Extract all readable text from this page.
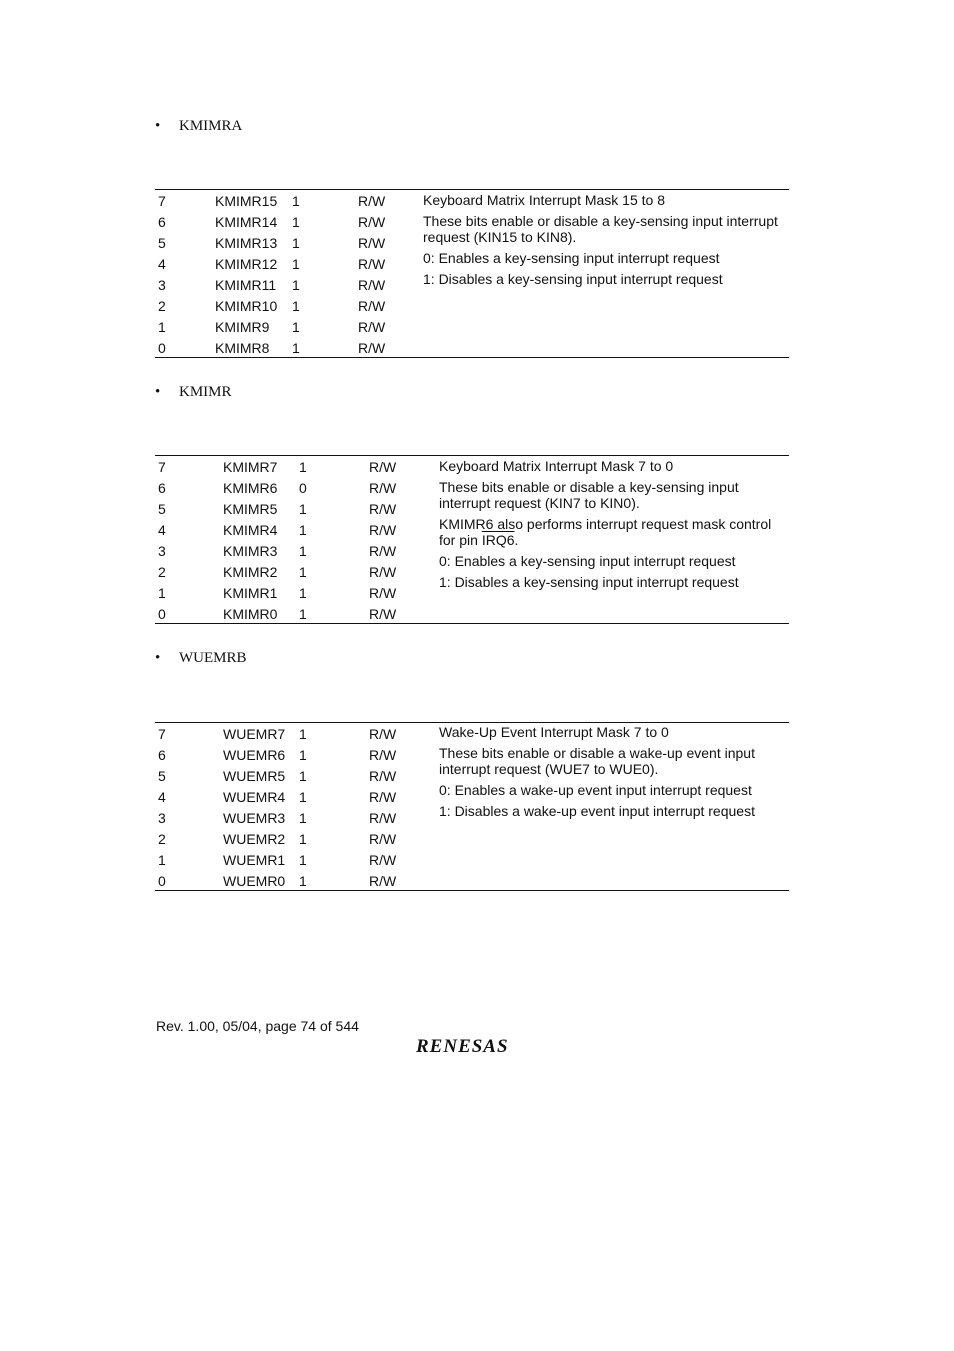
• KMIMRA
7	KMIMR15 1	R/W
6	KMIMR14 1	R/W
5	KMIMR13 1	R/W
4	KMIMR12 1	R/W
3	KMIMR11 1	R/W
2	KMIMR10 1	R/W
1	KMIMR9 1	R/W
0	KMIMR8 1	R/W

Keyboard Matrix Interrupt Mask 15 to 8

These bits enable or disable a key-sensing input interrupt request (KIN15 to KIN8).

0: Enables a key-sensing input interrupt request

1: Disables a key-sensing input interrupt request

• KMIMR
7	KMIMR7 1	R/W
6	KMIMR6 0	R/W
5	KMIMR5 1	R/W
4	KMIMR4 1	R/W
3	KMIMR3 1	R/W
2	KMIMR2 1	R/W
1	KMIMR1 1	R/W
0	KMIMR0 1	R/W

Keyboard Matrix Interrupt Mask 7 to 0

These bits enable or disable a key-sensing input interrupt request (KIN7 to KIN0).

KMIMR6 also performs interrupt request mask control for pin IRQ6.

0: Enables a key-sensing input interrupt request

1: Disables a key-sensing input interrupt request

• WUEMRB
7	WUEMR7 1	R/W
6	WUEMR6 1	R/W
5	WUEMR5 1	R/W
4	WUEMR4 1	R/W
3	WUEMR3 1	R/W
2	WUEMR2 1	R/W
1	WUEMR1 1	R/W
0	WUEMR0 1	R/W

Wake-Up Event Interrupt Mask 7 to 0

These bits enable or disable a wake-up event input interrupt request (WUE7 to WUE0).

0: Enables a wake-up event input interrupt request

1: Disables a wake-up event input interrupt request

Rev. 1.00, 05/04, page 74 of 544
RENESAS
